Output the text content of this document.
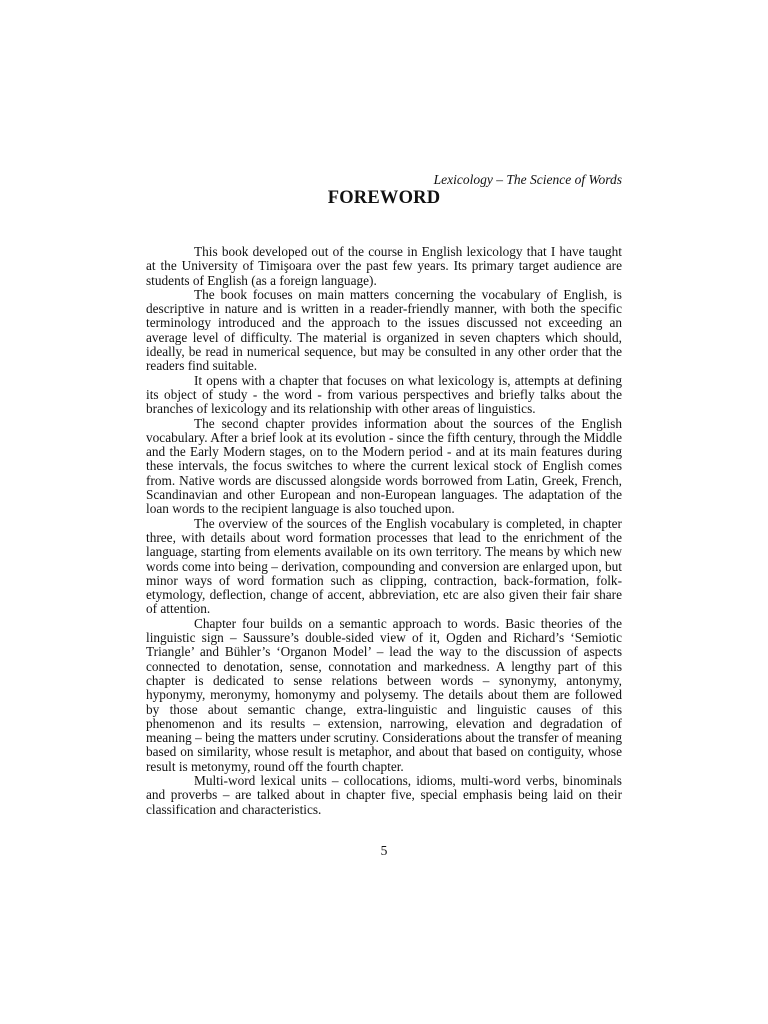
Lexicology – The Science of Words
FOREWORD

This book developed out of the course in English lexicology that I have taught at the University of Timişoara over the past few years. Its primary target audience are students of English (as a foreign language).

The book focuses on main matters concerning the vocabulary of English, is descriptive in nature and is written in a reader-friendly manner, with both the specific terminology introduced and the approach to the issues discussed not exceeding an average level of difficulty. The material is organized in seven chapters which should, ideally, be read in numerical sequence, but may be consulted in any other order that the readers find suitable.

It opens with a chapter that focuses on what lexicology is, attempts at defining its object of study - the word - from various perspectives and briefly talks about the branches of lexicology and its relationship with other areas of linguistics.

The second chapter provides information about the sources of the English vocabulary. After a brief look at its evolution - since the fifth century, through the Middle and the Early Modern stages, on to the Modern period - and at its main features during these intervals, the focus switches to where the current lexical stock of English comes from. Native words are discussed alongside words borrowed from Latin, Greek, French, Scandinavian and other European and non-European languages. The adaptation of the loan words to the recipient language is also touched upon.

The overview of the sources of the English vocabulary is completed, in chapter three, with details about word formation processes that lead to the enrichment of the language, starting from elements available on its own territory. The means by which new words come into being – derivation, compounding and conversion are enlarged upon, but minor ways of word formation such as clipping, contraction, back-formation, folk-etymology, deflection, change of accent, abbreviation, etc are also given their fair share of attention.

Chapter four builds on a semantic approach to words. Basic theories of the linguistic sign – Saussure’s double-sided view of it, Ogden and Richard’s ‘Semiotic Triangle’ and Bühler’s ‘Organon Model’ – lead the way to the discussion of aspects connected to denotation, sense, connotation and markedness. A lengthy part of this chapter is dedicated to sense relations between words – synonymy, antonymy, hyponymy, meronymy, homonymy and polysemy. The details about them are followed by those about semantic change, extra-linguistic and linguistic causes of this phenomenon and its results – extension, narrowing, elevation and degradation of meaning – being the matters under scrutiny. Considerations about the transfer of meaning based on similarity, whose result is metaphor, and about that based on contiguity, whose result is metonymy, round off the fourth chapter.

Multi-word lexical units – collocations, idioms, multi-word verbs, binominals and proverbs – are talked about in chapter five, special emphasis being laid on their classification and characteristics.

5
